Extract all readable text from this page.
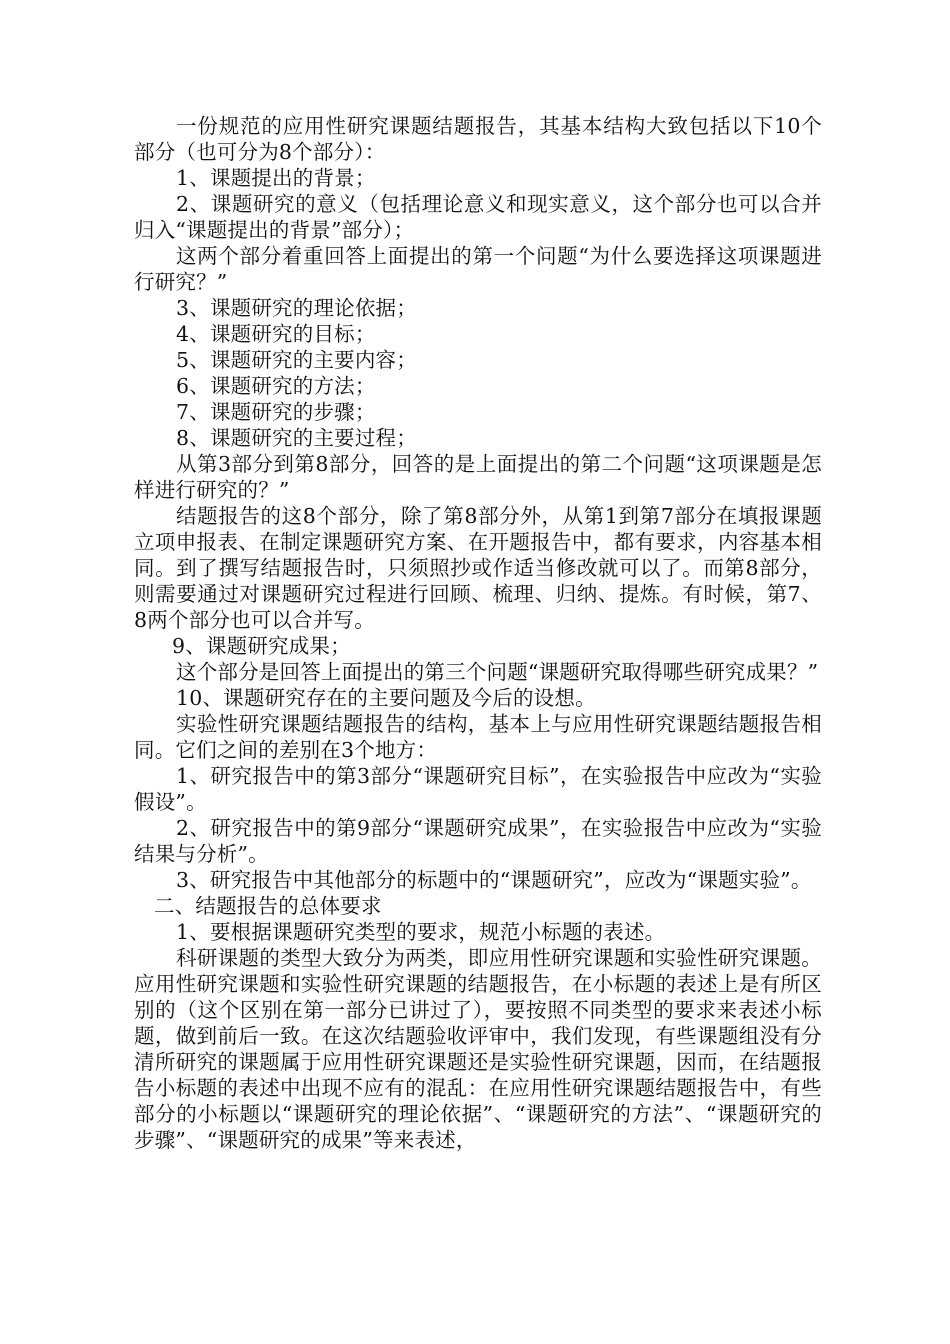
一份规范的应用性研究课题结题报告，其基本结构大致包括以下10个部分（也可分为8个部分）：

1、课题提出的背景；

2、课题研究的意义（包括理论意义和现实意义，这个部分也可以合并归入“课题提出的背景”部分）；

这两个部分着重回答上面提出的第一个问题“为什么要选择这项课题进行研究？”

3、课题研究的理论依据；

4、课题研究的目标；

5、课题研究的主要内容；

6、课题研究的方法；

7、课题研究的步骤；

8、课题研究的主要过程；

从第3部分到第8部分，回答的是上面提出的第二个问题“这项课题是怎样进行研究的？”

结题报告的这8个部分，除了第8部分外，从第1到第7部分在填报课题立项申报表、在制定课题研究方案、在开题报告中，都有要求，内容基本相同。到了撰写结题报告时，只须照抄或作适当修改就可以了。而第8部分，则需要通过对课题研究过程进行回顾、梳理、归纳、提炼。有时候，第7、8两个部分也可以合并写。

9、课题研究成果；

这个部分是回答上面提出的第三个问题“课题研究取得哪些研究成果？”

10、课题研究存在的主要问题及今后的设想。

实验性研究课题结题报告的结构，基本上与应用性研究课题结题报告相同。它们之间的差别在3个地方：

1、研究报告中的第3部分“课题研究目标”，在实验报告中应改为“实验假设”。

2、研究报告中的第9部分“课题研究成果”，在实验报告中应改为“实验结果与分析”。

3、研究报告中其他部分的标题中的“课题研究”，应改为“课题实验”。

二、结题报告的总体要求

1、要根据课题研究类型的要求，规范小标题的表述。

科研课题的类型大致分为两类，即应用性研究课题和实验性研究课题。应用性研究课题和实验性研究课题的结题报告，在小标题的表述上是有所区别的（这个区别在第一部分已讲过了），要按照不同类型的要求来表述小标题，做到前后一致。在这次结题验收评审中，我们发现，有些课题组没有分清所研究的课题属于应用性研究课题还是实验性研究课题，因而，在结题报告小标题的表述中出现不应有的混乱：在应用性研究课题结题报告中，有些部分的小标题以“课题研究的理论依据”、“课题研究的方法”、“课题研究的步骤”、“课题研究的成果”等来表述，
